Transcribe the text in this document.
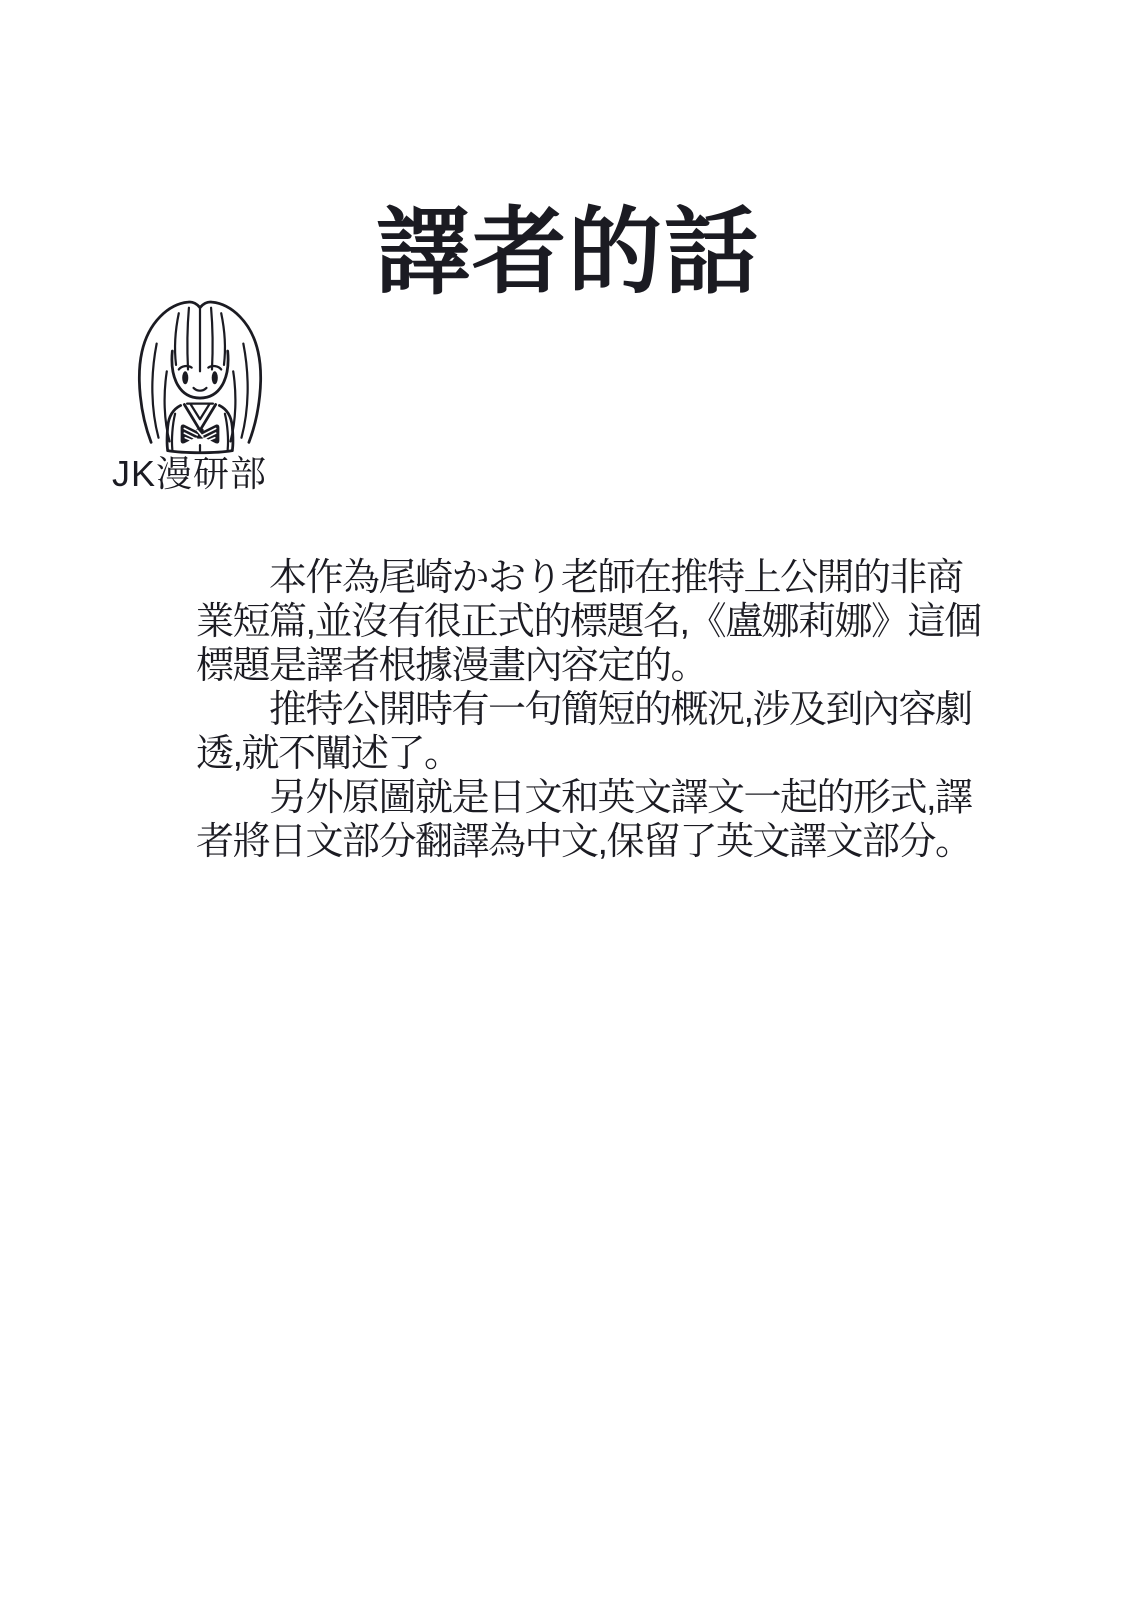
譯者的話
JK漫研部
　　本作為尾崎かおり老師在推特上公開的非商
業短篇,並沒有很正式的標題名,《盧娜莉娜》這個
標題是譯者根據漫畫內容定的。
　　推特公開時有一句簡短的概況,涉及到內容劇
透,就不闡述了。
　　另外原圖就是日文和英文譯文一起的形式,譯
者將日文部分翻譯為中文,保留了英文譯文部分。
